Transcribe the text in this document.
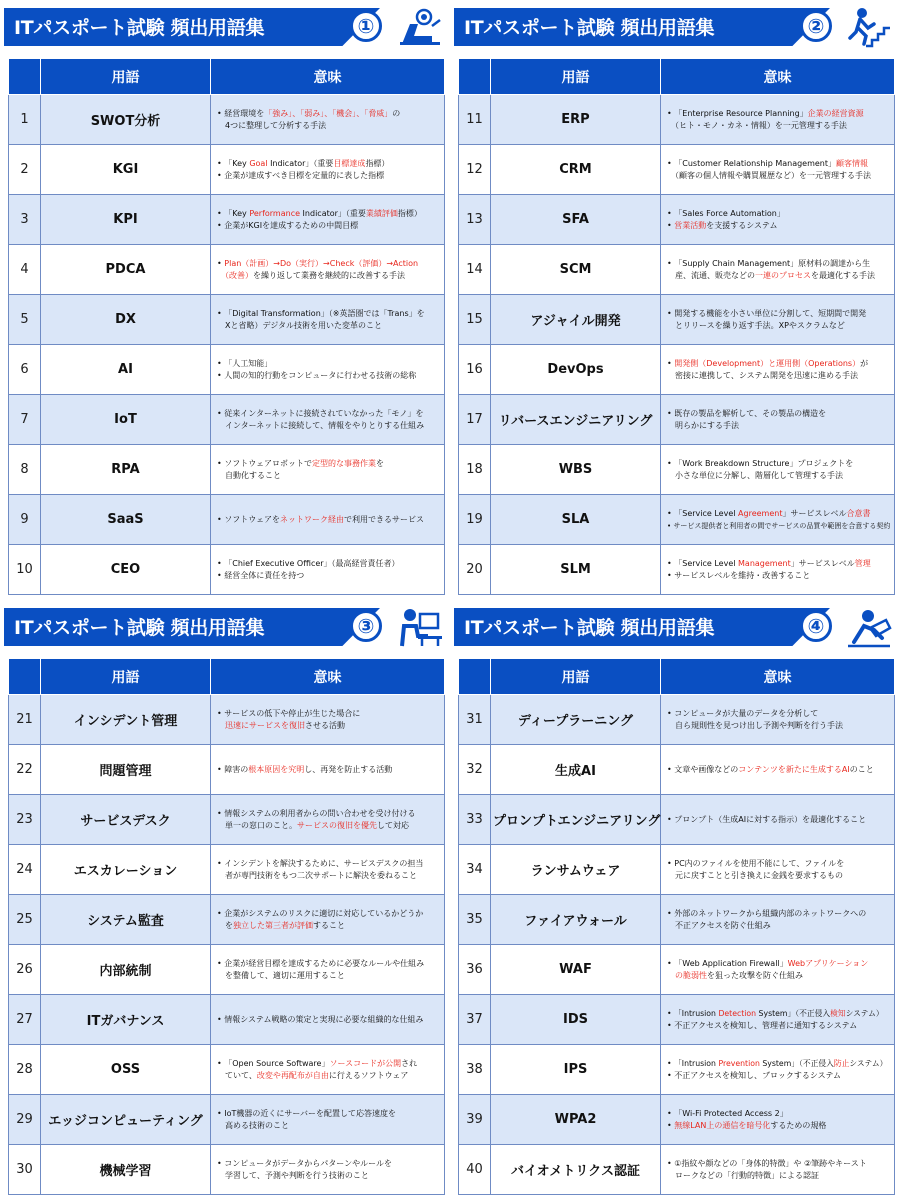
ITパスポート試験 頻出用語集	①
	用語	意味
1	SWOT分析	• 経営環境を「強み」、「弱み」、「機会」、「脅威」の
　4つに整理して分析する手法

2	KGI	• 「Key Goal Indicator」（重要目標達成指標）
• 企業が達成すべき目標を定量的に表した指標

3	KPI	• 「Key Performance Indicator」（重要業績評価指標）
• 企業がKGIを達成するための中間目標

4	PDCA	• Plan（計画）→Do（実行）→Check（評価）→Action
　（改善）を繰り返して業務を継続的に改善する手法

5	DX	• 「Digital Transformation」（※英語圏では「Trans」を
　Xと省略）デジタル技術を用いた変革のこと

6	AI	• 「人工知能」
• 人間の知的行動をコンピュータに行わせる技術の総称

7	IoT	• 従来インターネットに接続されていなかった「モノ」を
　インターネットに接続して、情報をやりとりする仕組み

8	RPA	• ソフトウェアロボットで定型的な事務作業を
　自動化すること

9	SaaS	• ソフトウェアをネットワーク経由で利用できるサービス

10	CEO	• 「Chief Executive Officer」（最高経営責任者）
• 経営全体に責任を持つ
ITパスポート試験 頻出用語集	②
	用語	意味
11	ERP	• 「Enterprise Resource Planning」企業の経営資源
　（ヒト・モノ・カネ・情報）を一元管理する手法

12	CRM	• 「Customer Relationship Management」顧客情報
　（顧客の個人情報や購買履歴など）を一元管理する手法

13	SFA	• 「Sales Force Automation」
• 営業活動を支援するシステム

14	SCM	• 「Supply Chain Management」原材料の調達から生
　産、流通、販売などの一連のプロセスを最適化する手法

15	アジャイル開発	• 開発する機能を小さい単位に分割して、短期間で開発
　とリリースを繰り返す手法。XPやスクラムなど

16	DevOps	• 開発側（Development）と運用側（Operations）が
　密接に連携して、システム開発を迅速に進める手法

17	リバースエンジニアリング	• 既存の製品を解析して、その製品の構造を
　明らかにする手法

18	WBS	• 「Work Breakdown Structure」プロジェクトを
　小さな単位に分解し、階層化して管理する手法

19	SLA	• 「Service Level Agreement」サービスレベル合意書
• サービス提供者と利用者の間でサービスの品質や範囲を合意する契約

20	SLM	• 「Service Level Management」サービスレベル管理
• サービスレベルを維持・改善すること
ITパスポート試験 頻出用語集	③
	用語	意味
21	インシデント管理	• サービスの低下や停止が生じた場合に
　迅速にサービスを復旧させる活動

22	問題管理	• 障害の根本原因を究明し、再発を防止する活動

23	サービスデスク	• 情報システムの利用者からの問い合わせを受け付ける
　単一の窓口のこと。サービスの復旧を優先して対応

24	エスカレーション	• インシデントを解決するために、サービスデスクの担当
　者が専門技術をもつ二次サポートに解決を委ねること

25	システム監査	• 企業がシステムのリスクに適切に対応しているかどうか
　を独立した第三者が評価すること

26	内部統制	• 企業が経営目標を達成するために必要なルールや仕組み
　を整備して、適切に運用すること

27	ITガバナンス	• 情報システム戦略の策定と実現に必要な組織的な仕組み

28	OSS	• 「Open Source Software」ソースコードが公開され
　ていて、改変や再配布が自由に行えるソフトウェア

29	エッジコンピューティング	• IoT機器の近くにサーバーを配置して応答速度を
　高める技術のこと

30	機械学習	• コンピュータがデータからパターンやルールを
　学習して、予測や判断を行う技術のこと
ITパスポート試験 頻出用語集	④
	用語	意味
31	ディープラーニング	• コンピュータが大量のデータを分析して
　自ら規則性を見つけ出し予測や判断を行う手法

32	生成AI	• 文章や画像などのコンテンツを新たに生成するAIのこと

33	プロンプトエンジニアリング	• プロンプト（生成AIに対する指示）を最適化すること

34	ランサムウェア	• PC内のファイルを使用不能にして、ファイルを
　元に戻すことと引き換えに金銭を要求するもの

35	ファイアウォール	• 外部のネットワークから組織内部のネットワークへの
　不正アクセスを防ぐ仕組み

36	WAF	• 「Web Application Firewall」Webアプリケーション
　の脆弱性を狙った攻撃を防ぐ仕組み

37	IDS	• 「Intrusion Detection System」（不正侵入検知システム）
• 不正アクセスを検知し、管理者に通知するシステム

38	IPS	• 「Intrusion Prevention System」（不正侵入防止システム）
• 不正アクセスを検知し、ブロックするシステム

39	WPA2	• 「Wi-Fi Protected Access 2」
• 無線LAN上の通信を暗号化するための規格

40	バイオメトリクス認証	• ①指紋や顔などの「身体的特徴」や ②筆跡やキースト
　ロークなどの「行動的特徴」による認証
